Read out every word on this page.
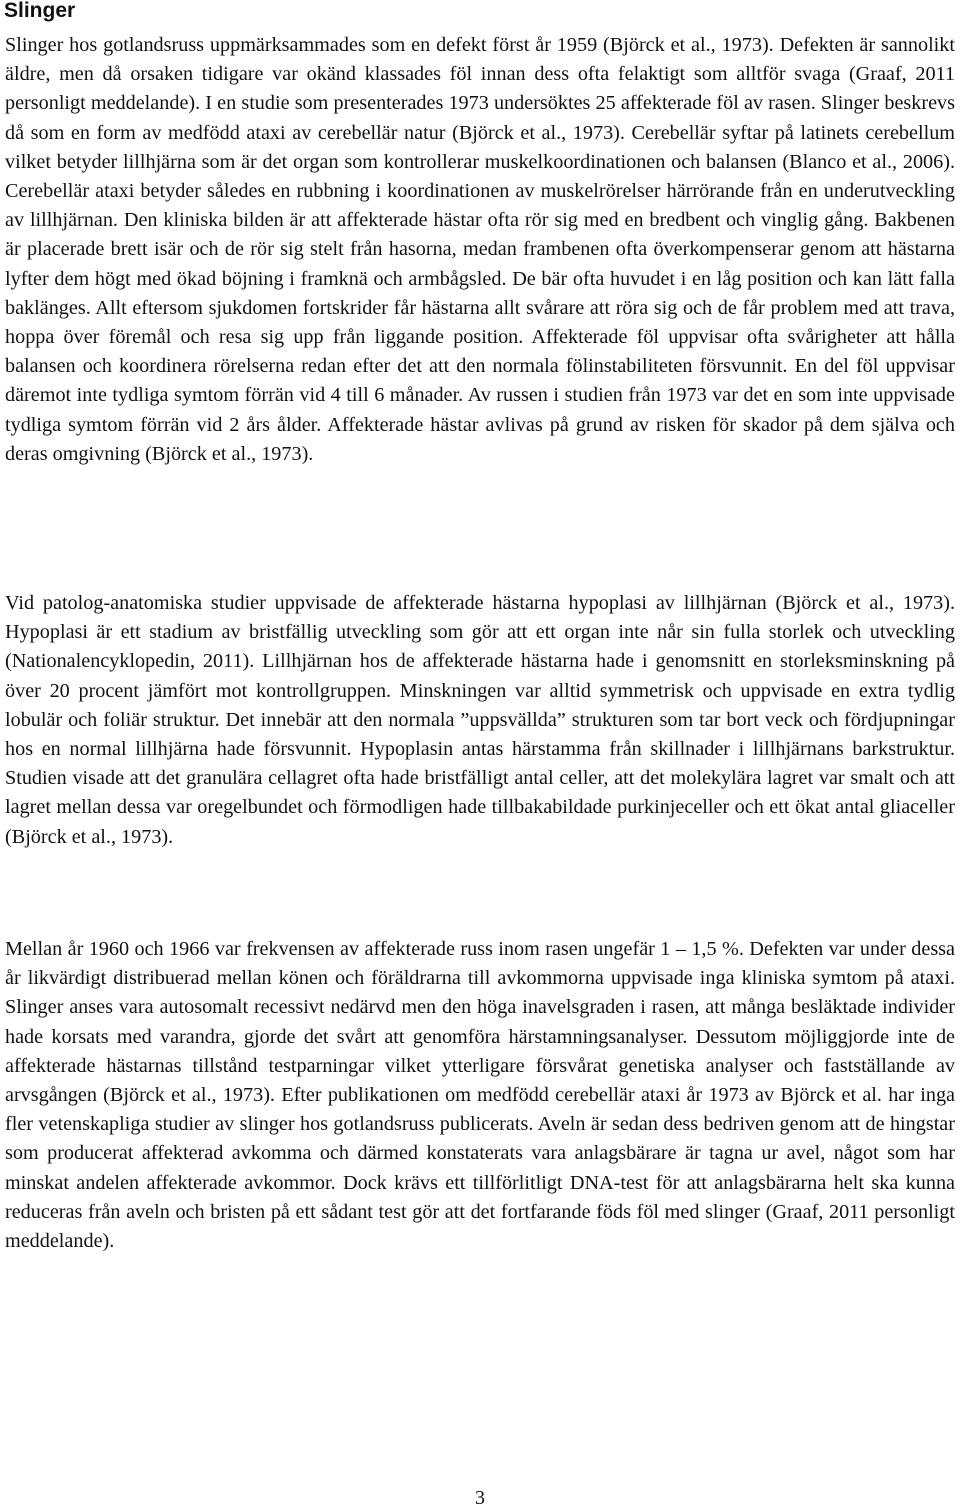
Slinger

Slinger hos gotlandsruss uppmärksammades som en defekt först år 1959 (Björck et al., 1973). Defekten är sannolikt äldre, men då orsaken tidigare var okänd klassades föl innan dess ofta felaktigt som alltför svaga (Graaf, 2011 personligt meddelande). I en studie som presenterades 1973 undersöktes 25 affekterade föl av rasen. Slinger beskrevs då som en form av medfödd ataxi av cerebellär natur (Björck et al., 1973). Cerebellär syftar på latinets cerebellum vilket betyder lillhjärna som är det organ som kontrollerar muskelkoordinationen och balansen (Blanco et al., 2006). Cerebellär ataxi betyder således en rubbning i koordinationen av muskelrörelser härrörande från en underutveckling av lillhjärnan. Den kliniska bilden är att affekterade hästar ofta rör sig med en bredbent och vinglig gång. Bakbenen är placerade brett isär och de rör sig stelt från hasorna, medan frambenen ofta överkompenserar genom att hästarna lyfter dem högt med ökad böjning i framknä och armbågsled. De bär ofta huvudet i en låg position och kan lätt falla baklänges. Allt eftersom sjukdomen fortskrider får hästarna allt svårare att röra sig och de får problem med att trava, hoppa över föremål och resa sig upp från liggande position. Affekterade föl uppvisar ofta svårigheter att hålla balansen och koordinera rörelserna redan efter det att den normala fölinstabiliteten försvunnit. En del föl uppvisar däremot inte tydliga symtom förrän vid 4 till 6 månader. Av russen i studien från 1973 var det en som inte uppvisade tydliga symtom förrän vid 2 års ålder. Affekterade hästar avlivas på grund av risken för skador på dem själva och deras omgivning (Björck et al., 1973).

Vid patolog-anatomiska studier uppvisade de affekterade hästarna hypoplasi av lillhjärnan (Björck et al., 1973). Hypoplasi är ett stadium av bristfällig utveckling som gör att ett organ inte når sin fulla storlek och utveckling (Nationalencyklopedin, 2011). Lillhjärnan hos de affekterade hästarna hade i genomsnitt en storleksminskning på över 20 procent jämfört mot kontrollgruppen. Minskningen var alltid symmetrisk och uppvisade en extra tydlig lobulär och foliär struktur. Det innebär att den normala ”uppsvällda” strukturen som tar bort veck och fördjupningar hos en normal lillhjärna hade försvunnit. Hypoplasin antas härstamma från skillnader i lillhjärnans barkstruktur. Studien visade att det granulära cellagret ofta hade bristfälligt antal celler, att det molekylära lagret var smalt och att lagret mellan dessa var oregelbundet och förmodligen hade tillbakabildade purkinjeceller och ett ökat antal gliaceller (Björck et al., 1973).

Mellan år 1960 och 1966 var frekvensen av affekterade russ inom rasen ungefär 1 – 1,5 %. Defekten var under dessa år likvärdigt distribuerad mellan könen och föräldrarna till avkommorna uppvisade inga kliniska symtom på ataxi. Slinger anses vara autosomalt recessivt nedärvd men den höga inavelsgraden i rasen, att många besläktade individer hade korsats med varandra, gjorde det svårt att genomföra härstamningsanalyser. Dessutom möjliggjorde inte de affekterade hästarnas tillstånd testparningar vilket ytterligare försvårat genetiska analyser och fastställande av arvsgången (Björck et al., 1973). Efter publikationen om medfödd cerebellär ataxi år 1973 av Björck et al. har inga fler vetenskapliga studier av slinger hos gotlandsruss publicerats. Aveln är sedan dess bedriven genom att de hingstar som producerat affekterad avkomma och därmed konstaterats vara anlagsbärare är tagna ur avel, något som har minskat andelen affekterade avkommor. Dock krävs ett tillförlitligt DNA-test för att anlagsbärarna helt ska kunna reduceras från aveln och bristen på ett sådant test gör att det fortfarande föds föl med slinger (Graaf, 2011 personligt meddelande).

3
